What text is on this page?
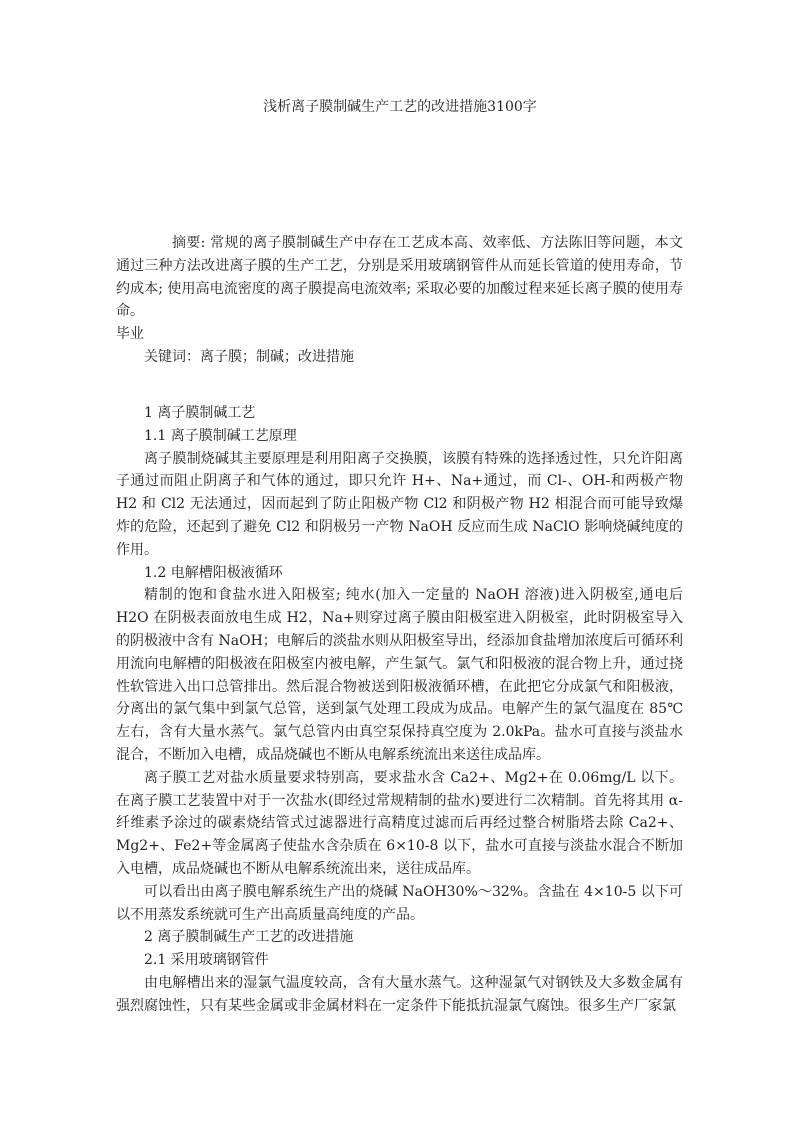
浅析离子膜制碱生产工艺的改进措施3100字

摘要: 常规的离子膜制碱生产中存在工艺成本高、效率低、方法陈旧等问题，本文通过三种方法改进离子膜的生产工艺，分别是采用玻璃钢管件从而延长管道的使用寿命，节约成本; 使用高电流密度的离子膜提高电流效率; 采取必要的加酸过程来延长离子膜的使用寿命。

毕业

关键词：离子膜；制碱；改进措施

1 离子膜制碱工艺

1.1 离子膜制碱工艺原理

离子膜制烧碱其主要原理是利用阳离子交换膜，该膜有特殊的选择透过性，只允许阳离子通过而阻止阴离子和气体的通过，即只允许 H+、Na+通过，而 Cl-、OH-和两极产物 H2 和 Cl2 无法通过，因而起到了防止阳极产物 Cl2 和阴极产物 H2 相混合而可能导致爆炸的危险，还起到了避免 Cl2 和阴极另一产物 NaOH 反应而生成 NaClO 影响烧碱纯度的作用。

1.2 电解槽阳极液循环

精制的饱和食盐水进入阳极室; 纯水(加入一定量的 NaOH 溶液)进入阴极室,通电后 H2O 在阴极表面放电生成 H2，Na+则穿过离子膜由阳极室进入阴极室，此时阴极室导入的阴极液中含有 NaOH；电解后的淡盐水则从阳极室导出，经添加食盐增加浓度后可循环利用流向电解槽的阳极液在阳极室内被电解，产生氯气。氯气和阳极液的混合物上升，通过挠性软管进入出口总管排出。然后混合物被送到阳极液循环槽，在此把它分成氯气和阳极液，分离出的氯气集中到氯气总管，送到氯气处理工段成为成品。电解产生的氯气温度在 85℃左右，含有大量水蒸气。氯气总管内由真空泵保持真空度为 2.0kPa。盐水可直接与淡盐水混合，不断加入电槽，成品烧碱也不断从电解系统流出来送往成品库。

离子膜工艺对盐水质量要求特别高，要求盐水含 Ca2+、Mg2+在 0.06mg/L 以下。在离子膜工艺装置中对于一次盐水(即经过常规精制的盐水)要进行二次精制。首先将其用 α-纤维素予涂过的碳素烧结管式过滤器进行高精度过滤而后再经过整合树脂塔去除 Ca2+、Mg2+、Fe2+等金属离子使盐水含杂质在 6×10-8 以下，盐水可直接与淡盐水混合不断加入电槽，成品烧碱也不断从电解系统流出来，送往成品库。

可以看出由离子膜电解系统生产出的烧碱 NaOH30%～32%。含盐在 4×10-5 以下可以不用蒸发系统就可生产出高质量高纯度的产品。

2 离子膜制碱生产工艺的改进措施

2.1 采用玻璃钢管件

由电解槽出来的湿氯气温度较高，含有大量水蒸气。这种湿氯气对钢铁及大多数金属有强烈腐蚀性，只有某些金属或非金属材料在一定条件下能抵抗湿氯气腐蚀。很多生产厂家氯
